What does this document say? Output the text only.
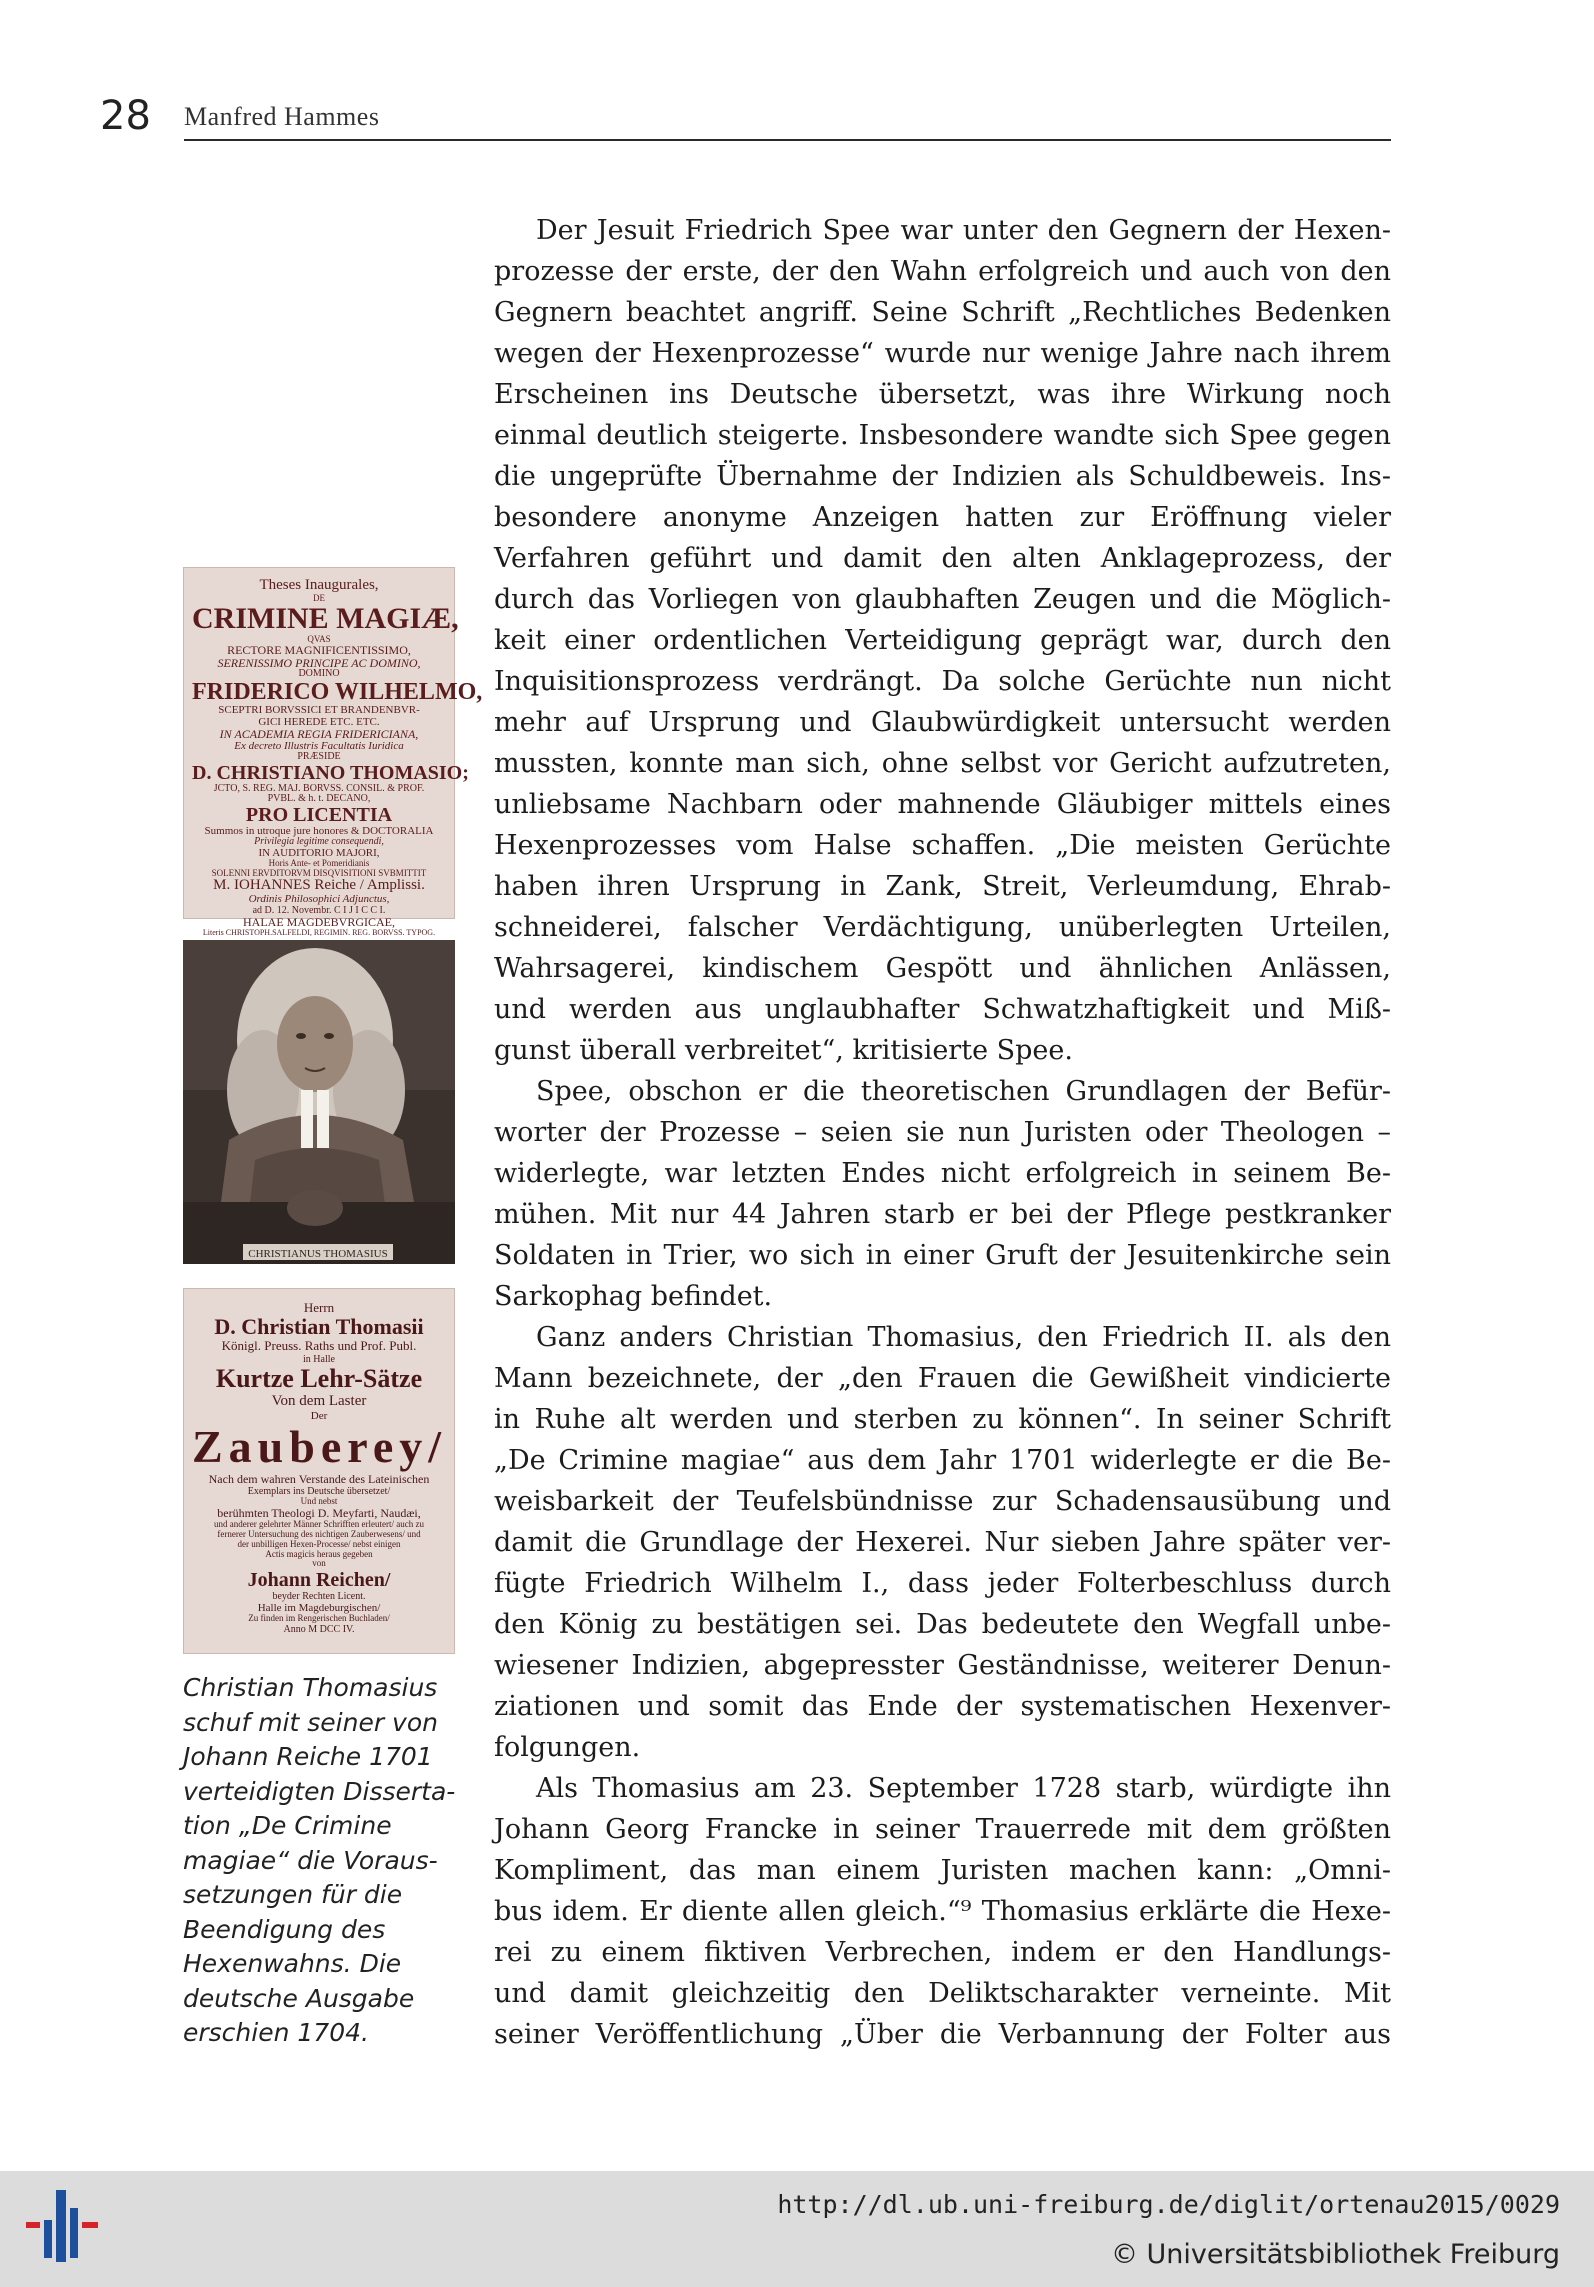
28 Manfred Hammes
Theses Inaugurales,
DE
CRIMINE MAGIÆ,
QVAS
RECTORE MAGNIFICENTISSIMO,
SERENISSIMO PRINCIPE AC DOMINO,
DOMINO
FRIDERICO WILHELMO,
SCEPTRI BORVSSICI ET BRANDENBVR-
GICI HEREDE ETC. ETC.
IN ACADEMIA REGIA FRIDERICIANA,
Ex decreto Illustris Facultatis Iuridica
PRÆSIDE
D. CHRISTIANO THOMASIO;
JCTO, S. REG. MAJ. BORVSS. CONSIL. & PROF.
PVBL. & h. t. DECANO,
PRO LICENTIA
Summos in utroque jure honores & DOCTORALIA
Privilegia legitime consequendi,
IN AUDITORIO MAJORI,
Horis Ante- et Pomeridianis
SOLENNI ERVDITORVM DISQVISITIONI SVBMITTIT
M. IOHANNES Reiche / Amplissi.
Ordinis Philosophici Adjunctus,
ad D. 12. Novembr. C I J I C C I.
HALAE MAGDEBVRGICAE,
Literis CHRISTOPH.SALFELDI, REGIMIN. REG. BORVSS. TYPOG.
CHRISTIANUS THOMASIUS
Herrn
D. Christian Thomasii
Königl. Preuss. Raths und Prof. Publ.
in Halle
Kurtze Lehr-Sätze
Von dem Laster
Der
Zauberey/
Nach dem wahren Verstande des Lateinischen
Exemplars ins Deutsche übersetzet/
Und nebst
berühmten Theologi D. Meyfarti, Naudæi,
und anderer gelehrter Männer Schrifften erleutert/ auch zu
fernerer Untersuchung des nichtigen Zauberwesens/ und
der unbilligen Hexen-Processe/ nebst einigen
Actis magicis heraus gegeben
von
Johann Reichen/
beyder Rechten Licent.
Halle im Magdeburgischen/
Zu finden im Rengerischen Buchladen/
Anno M DCC IV.
Christian Thomasius
schuf mit seiner von
Johann Reiche 1701
verteidigten Disserta-
tion „De Crimine
magiae“ die Voraus-
setzungen für die
Beendigung des
Hexenwahns. Die
deutsche Ausgabe
erschien 1704.
Der Jesuit Friedrich Spee war unter den Gegnern der Hexen-
prozesse der erste, der den Wahn erfolgreich und auch von den
Gegnern beachtet angriff. Seine Schrift „Rechtliches Bedenken
wegen der Hexenprozesse“ wurde nur wenige Jahre nach ihrem
Erscheinen ins Deutsche übersetzt, was ihre Wirkung noch
einmal deutlich steigerte. Insbesondere wandte sich Spee gegen
die ungeprüfte Übernahme der Indizien als Schuldbeweis. Ins-
besondere anonyme Anzeigen hatten zur Eröffnung vieler
Verfahren geführt und damit den alten Anklageprozess, der
durch das Vorliegen von glaubhaften Zeugen und die Möglich-
keit einer ordentlichen Verteidigung geprägt war, durch den
Inquisitionsprozess verdrängt. Da solche Gerüchte nun nicht
mehr auf Ursprung und Glaubwürdigkeit untersucht werden
mussten, konnte man sich, ohne selbst vor Gericht aufzutreten,
unliebsame Nachbarn oder mahnende Gläubiger mittels eines
Hexenprozesses vom Halse schaffen. „Die meisten Gerüchte
haben ihren Ursprung in Zank, Streit, Verleumdung, Ehrab-
schneiderei, falscher Verdächtigung, unüberlegten Urteilen,
Wahrsagerei, kindischem Gespött und ähnlichen Anlässen,
und werden aus unglaubhafter Schwatzhaftigkeit und Miß-
gunst überall verbreitet“, kritisierte Spee.
Spee, obschon er die theoretischen Grundlagen der Befür-
worter der Prozesse – seien sie nun Juristen oder Theologen –
widerlegte, war letzten Endes nicht erfolgreich in seinem Be-
mühen. Mit nur 44 Jahren starb er bei der Pflege pestkranker
Soldaten in Trier, wo sich in einer Gruft der Jesuitenkirche sein
Sarkophag befindet.
Ganz anders Christian Thomasius, den Friedrich II. als den
Mann bezeichnete, der „den Frauen die Gewißheit vindicierte
in Ruhe alt werden und sterben zu können“. In seiner Schrift
„De Crimine magiae“ aus dem Jahr 1701 widerlegte er die Be-
weisbarkeit der Teufelsbündnisse zur Schadensausübung und
damit die Grundlage der Hexerei. Nur sieben Jahre später ver-
fügte Friedrich Wilhelm I., dass jeder Folterbeschluss durch
den König zu bestätigen sei. Das bedeutete den Wegfall unbe-
wiesener Indizien, abgepresster Geständnisse, weiterer Denun-
ziationen und somit das Ende der systematischen Hexenver-
folgungen.
Als Thomasius am 23. September 1728 starb, würdigte ihn
Johann Georg Francke in seiner Trauerrede mit dem größten
Kompliment, das man einem Juristen machen kann: „Omni-
bus idem. Er diente allen gleich.“⁹ Thomasius erklärte die Hexe-
rei zu einem fiktiven Verbrechen, indem er den Handlungs-
und damit gleichzeitig den Deliktscharakter verneinte. Mit
seiner Veröffentlichung „Über die Verbannung der Folter aus
http://dl.ub.uni-freiburg.de/diglit/ortenau2015/0029
© Universitätsbibliothek Freiburg
